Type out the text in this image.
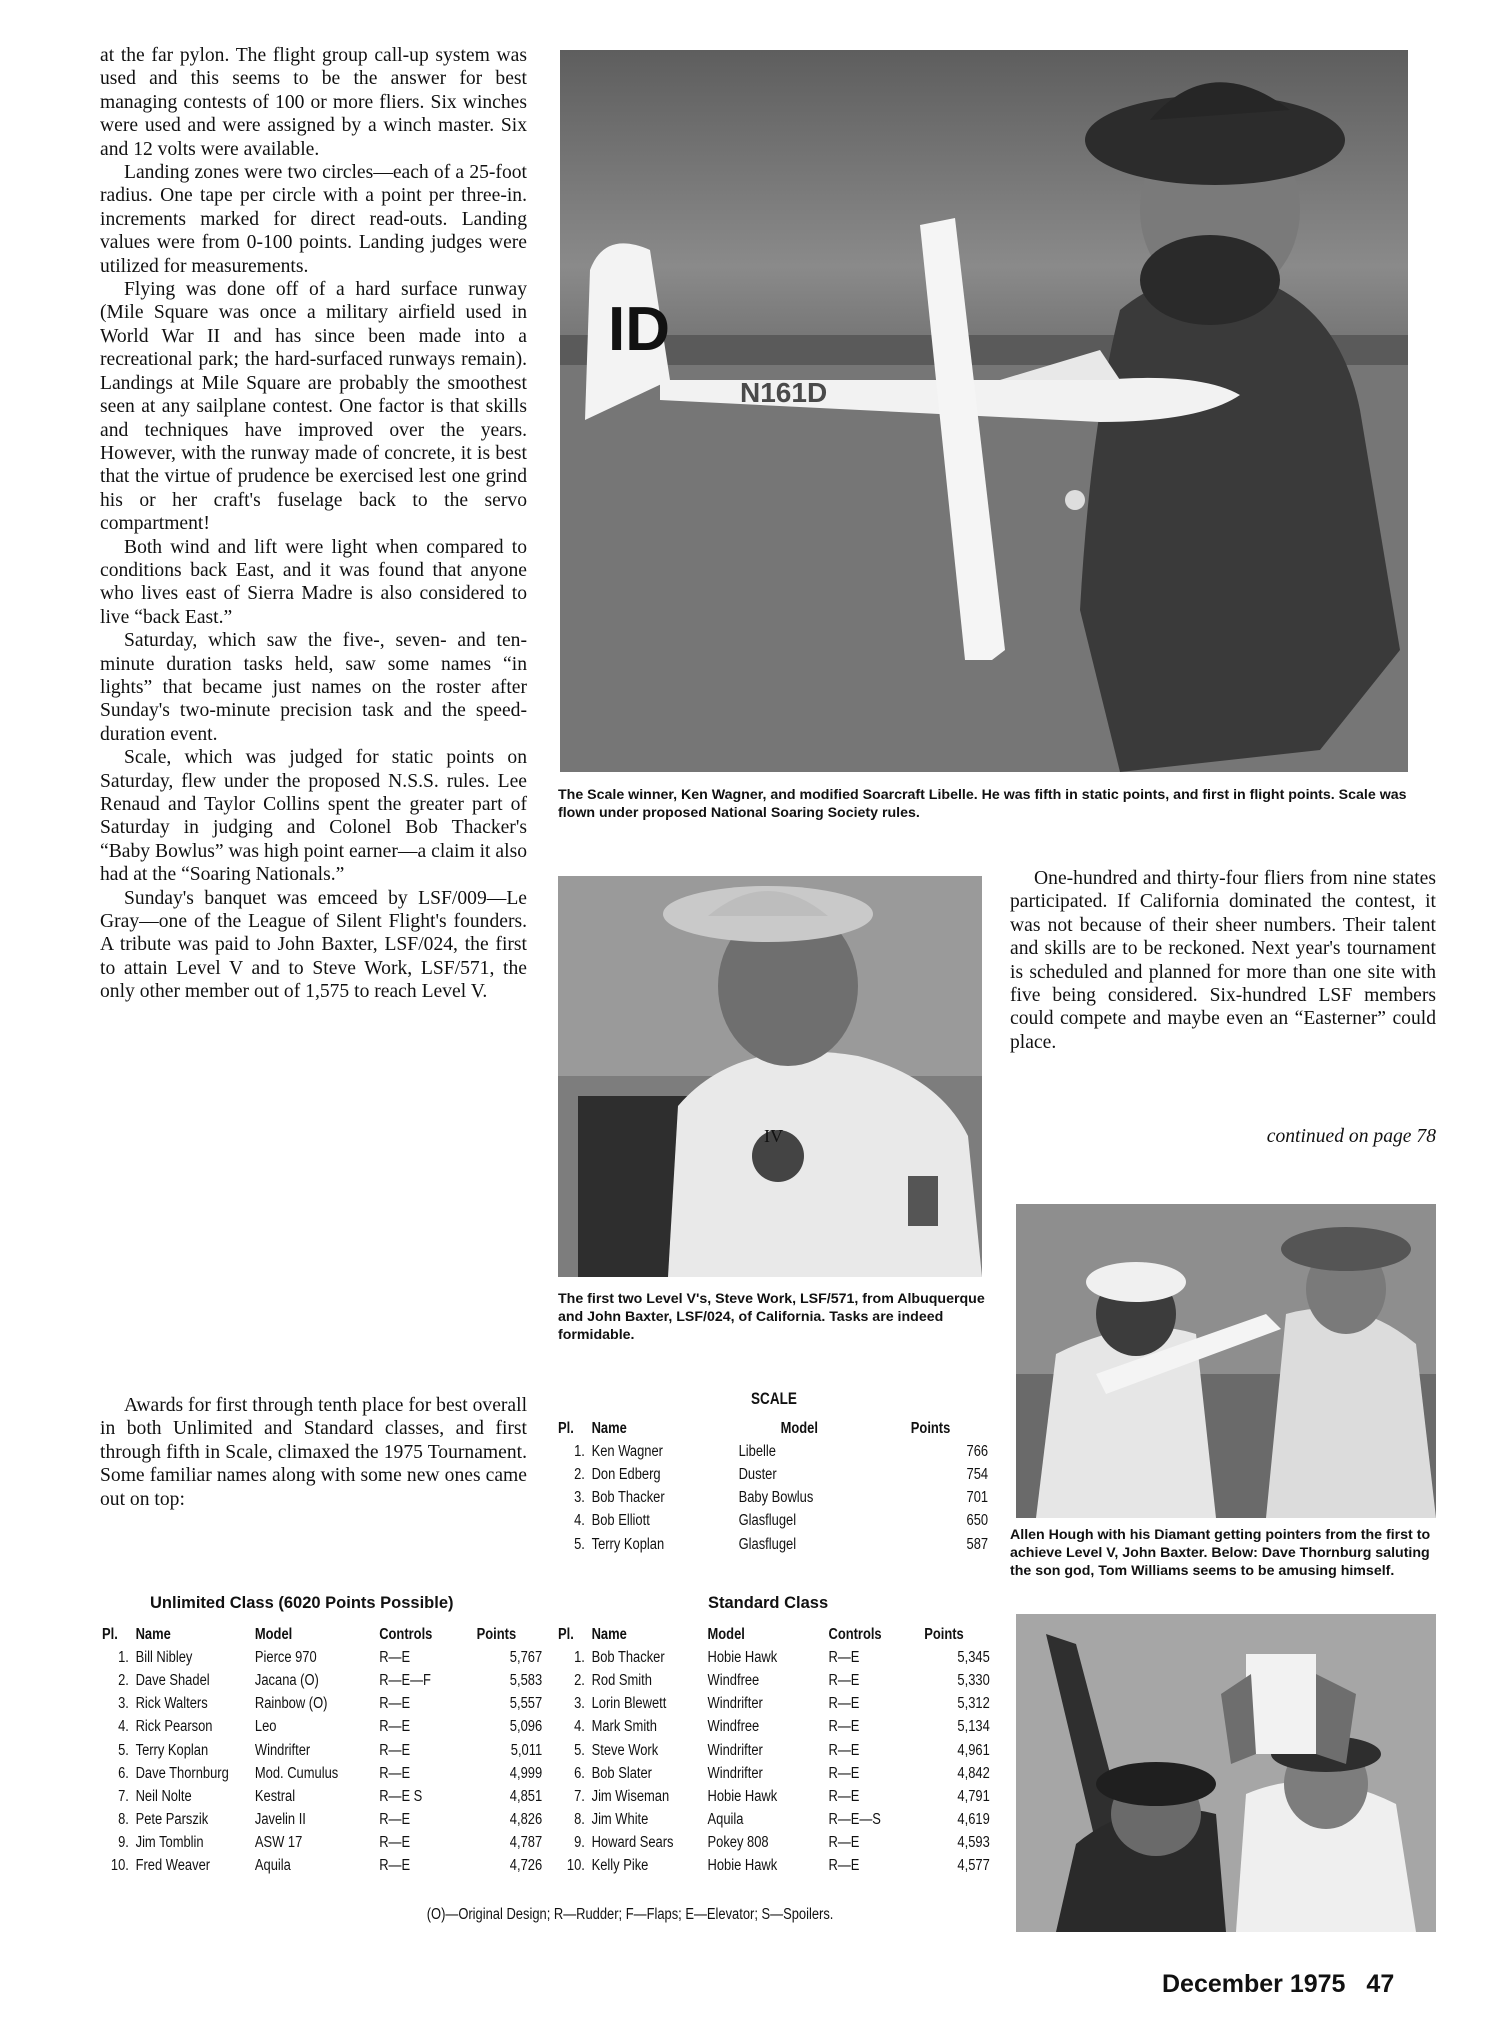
at the far pylon. The flight group call-up system was used and this seems to be the answer for best managing contests of 100 or more fliers. Six winches were used and were assigned by a winch master. Six and 12 volts were available.

Landing zones were two circles—each of a 25-foot radius. One tape per circle with a point per three-in. increments marked for direct read-outs. Landing values were from 0-100 points. Landing judges were utilized for measurements.

Flying was done off of a hard surface runway (Mile Square was once a military airfield used in World War II and has since been made into a recreational park; the hard-surfaced runways remain). Landings at Mile Square are probably the smoothest seen at any sailplane contest. One factor is that skills and techniques have improved over the years. However, with the runway made of concrete, it is best that the virtue of prudence be exercised lest one grind his or her craft's fuselage back to the servo compartment!

Both wind and lift were light when compared to conditions back East, and it was found that anyone who lives east of Sierra Madre is also considered to live “back East.”

Saturday, which saw the five-, seven- and ten-minute duration tasks held, saw some names “in lights” that became just names on the roster after Sunday's two-minute precision task and the speed-duration event.

Scale, which was judged for static points on Saturday, flew under the proposed N.S.S. rules. Lee Renaud and Taylor Collins spent the greater part of Saturday in judging and Colonel Bob Thacker's “Baby Bowlus” was high point earner—a claim it also had at the “Soaring Nationals.”

Sunday's banquet was emceed by LSF/009—Le Gray—one of the League of Silent Flight's founders. A tribute was paid to John Baxter, LSF/024, the first to attain Level V and to Steve Work, LSF/571, the only other member out of 1,575 to reach Level V.

Awards for first through tenth place for best overall in both Unlimited and Standard classes, and first through fifth in Scale, climaxed the 1975 Tournament. Some familiar names along with some new ones came out on top:

ID
N161D
The Scale winner, Ken Wagner, and modified Soarcraft Libelle. He was fifth in static points, and first in flight points. Scale was flown under proposed National Soaring Society rules.
IV
The first two Level V's, Steve Work, LSF/571, from Albuquerque and John Baxter, LSF/024, of California. Tasks are indeed formidable.

One-hundred and thirty-four fliers from nine states participated. If California dominated the contest, it was not because of their sheer numbers. Their talent and skills are to be reckoned. Next year's tournament is scheduled and planned for more than one site with five being considered. Six-hundred LSF members could compete and maybe even an “Easterner” could place.

continued on page 78
Allen Hough with his Diamant getting pointers from the first to achieve Level V, John Baxter. Below: Dave Thornburg saluting the son god, Tom Williams seems to be amusing himself.
SCALE
Pl.	Name	Model	Points
1.	Ken Wagner	Libelle	766
2.	Don Edberg	Duster	754
3.	Bob Thacker	Baby Bowlus	701
4.	Bob Elliott	Glasflugel	650
5.	Terry Koplan	Glasflugel	587
Unlimited Class (6020 Points Possible)
Pl.	Name	Model	Controls	Points
1.	Bill Nibley	Pierce 970	R—E	5,767
2.	Dave Shadel	Jacana (O)	R—E—F	5,583
3.	Rick Walters	Rainbow (O)	R—E	5,557
4.	Rick Pearson	Leo	R—E	5,096
5.	Terry Koplan	Windrifter	R—E	5,011
6.	Dave Thornburg	Mod. Cumulus	R—E	4,999
7.	Neil Nolte	Kestral	R—E S	4,851
8.	Pete Parszik	Javelin II	R—E	4,826
9.	Jim Tomblin	ASW 17	R—E	4,787
10.	Fred Weaver	Aquila	R—E	4,726
Standard Class
Pl.	Name	Model	Controls	Points
1.	Bob Thacker	Hobie Hawk	R—E	5,345
2.	Rod Smith	Windfree	R—E	5,330
3.	Lorin Blewett	Windrifter	R—E	5,312
4.	Mark Smith	Windfree	R—E	5,134
5.	Steve Work	Windrifter	R—E	4,961
6.	Bob Slater	Windrifter	R—E	4,842
7.	Jim Wiseman	Hobie Hawk	R—E	4,791
8.	Jim White	Aquila	R—E—S	4,619
9.	Howard Sears	Pokey 808	R—E	4,593
10.	Kelly Pike	Hobie Hawk	R—E	4,577
(O)—Original Design; R—Rudder; F—Flaps; E—Elevator; S—Spoilers.
December 1975 47
